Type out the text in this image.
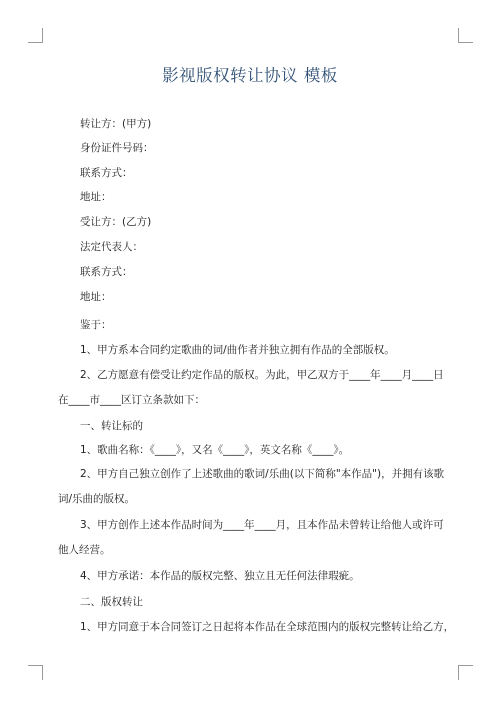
影视版权转让协议 模板
转让方：(甲方)
身份证件号码：
联系方式：
地址：
受让方：(乙方)
法定代表人：
联系方式：
地址：
鉴于：
1、甲方系本合同约定歌曲的词/曲作者并独立拥有作品的全部版权。
2、乙方愿意有偿受让约定作品的版权。为此，甲乙双方于____年____月____日
在____市____区订立条款如下：
一、转让标的
1、歌曲名称：《____》，又名《____》，英文名称《____》。
2、甲方自己独立创作了上述歌曲的歌词/乐曲(以下简称"本作品")，并拥有该歌
词/乐曲的版权。
3、甲方创作上述本作品时间为____年____月，且本作品未曾转让给他人或许可
他人经营。
4、甲方承诺：本作品的版权完整、独立且无任何法律瑕疵。
二、版权转让
1、甲方同意于本合同签订之日起将本作品在全球范围内的版权完整转让给乙方，
